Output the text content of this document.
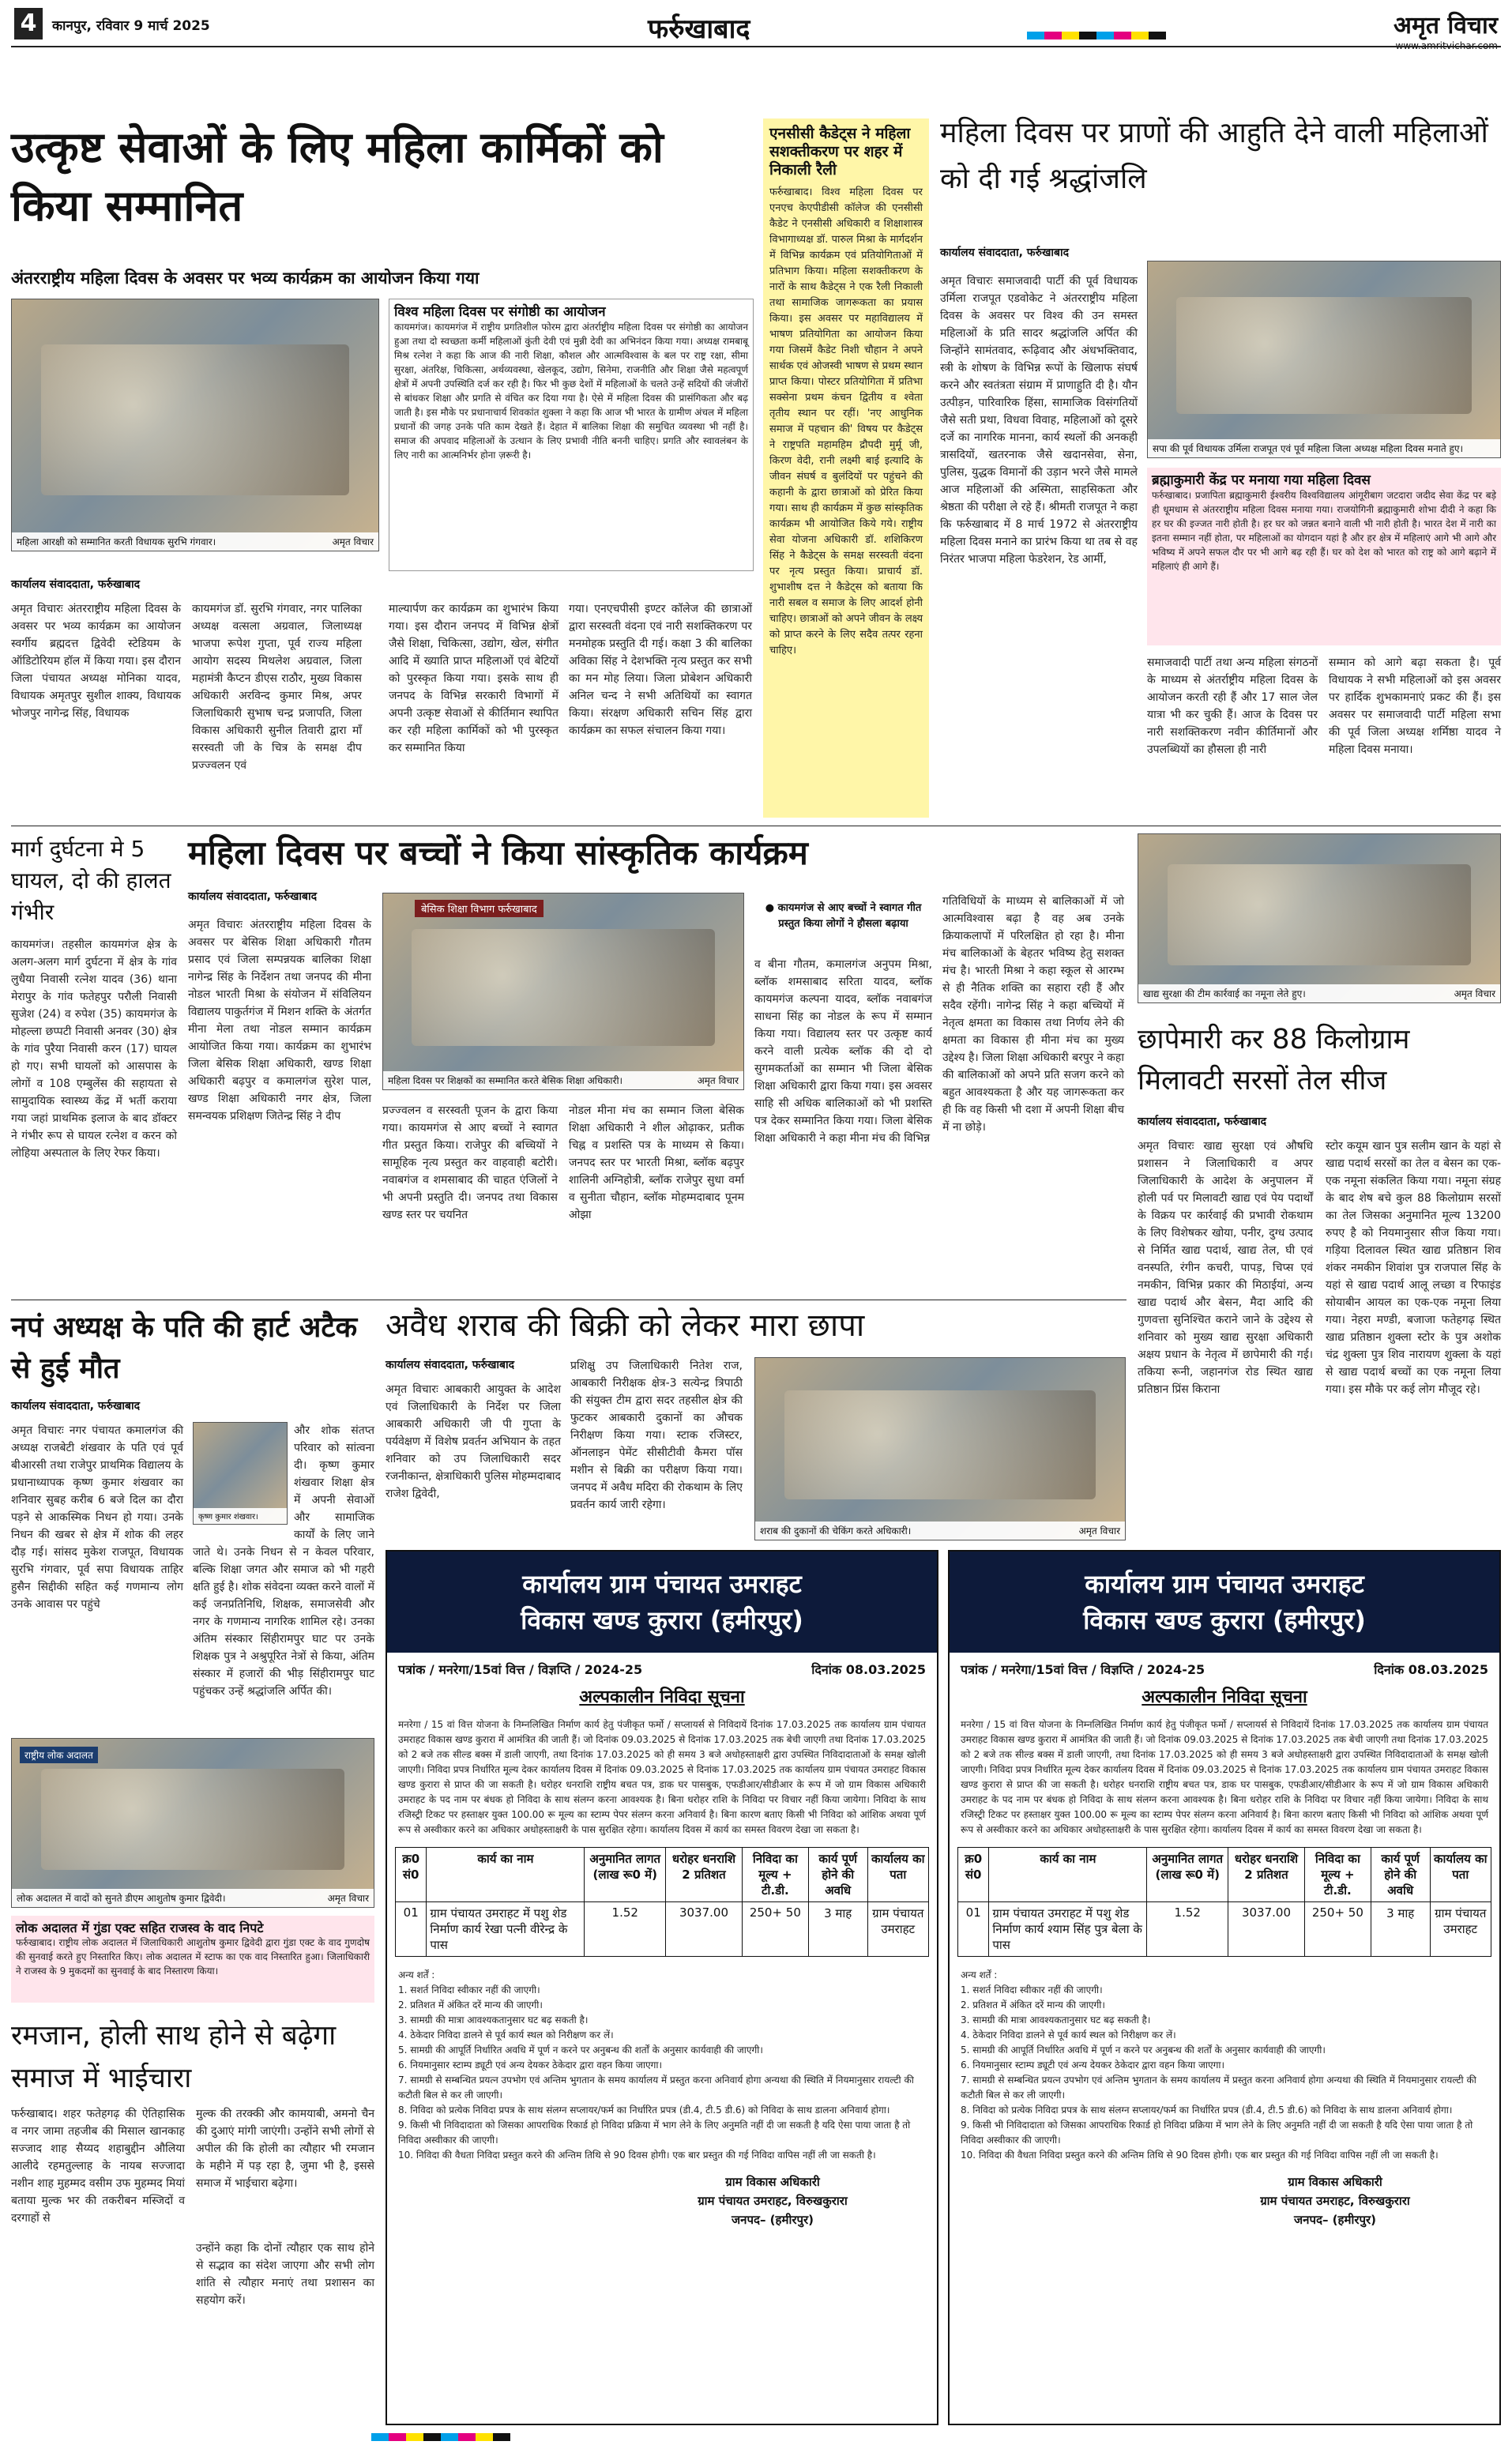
4	कानपुर, रविवार 9 मार्च 2025	फर्रुखाबाद	अमृत विचार
उत्कृष्ट सेवाओं के लिए महिला कार्मिकों को किया सम्मानित
अंतरराष्ट्रीय महिला दिवस के अवसर पर भव्य कार्यक्रम का आयोजन किया गया
महिला आरक्षी को सम्मानित करती विधायक सुरभि गंगवार।	अमृत विचार
विश्व महिला दिवस पर संगोष्ठी का आयोजन
कायमगंज। कायमगंज में राष्ट्रीय प्रगतिशील फोरम द्वारा अंतर्राष्ट्रीय महिला दिवस पर संगोष्ठी का आयोजन हुआ तथा दो स्वच्छता कर्मी महिलाओं कुंती देवी एवं मुन्नी देवी का अभिनंदन किया गया। अध्यक्ष रामबाबू मिश्र रत्नेश ने कहा कि आज की नारी शिक्षा, कौशल और आत्मविश्वास के बल पर राष्ट्र रक्षा, सीमा सुरक्षा, अंतरिक्ष, चिकित्सा, अर्थव्यवस्था, खेलकूद, उद्योग, सिनेमा, राजनीति और शिक्षा जैसे महत्वपूर्ण क्षेत्रों में अपनी उपस्थिति दर्ज कर रही है। फिर भी कुछ देशों में महिलाओं के चलते उन्हें सदियों की जंजीरों से बांधकर शिक्षा और प्रगति से वंचित कर दिया गया है। ऐसे में महिला दिवस की प्रासंगिकता और बढ़ जाती है। इस मौके पर प्रधानाचार्य शिवकांत शुक्ला ने कहा कि आज भी भारत के ग्रामीण अंचल में महिला प्रधानों की जगह उनके पति काम देखते हैं। देहात में बालिका शिक्षा की समुचित व्यवस्था भी नहीं है। समाज की अपवाद महिलाओं के उत्थान के लिए प्रभावी नीति बननी चाहिए। प्रगति और स्वावलंबन के लिए नारी का आत्मनिर्भर होना ज़रूरी है।
कार्यालय संवाददाता, फर्रुखाबाद
अमृत विचारः अंतरराष्ट्रीय महिला दिवस के अवसर पर भव्य कार्यक्रम का आयोजन स्वर्गीय ब्रह्मदत्त द्विवेदी स्टेडियम के ऑडिटोरियम हॉल में किया गया। इस दौरान जिला पंचायत अध्यक्ष मोनिका यादव, विधायक अमृतपुर सुशील शाक्य, विधायक भोजपुर नागेन्द्र सिंह, विधायक
कायमगंज डॉ. सुरभि गंगवार, नगर पालिका अध्यक्ष वत्सला अग्रवाल, जिलाध्यक्ष भाजपा रूपेश गुप्ता, पूर्व राज्य महिला आयोग सदस्य मिथलेश अग्रवाल, जिला महामंत्री कैप्टन डीएस राठौर, मुख्य विकास अधिकारी अरविन्द कुमार मिश्र, अपर जिलाधिकारी सुभाष चन्द्र प्रजापति, जिला विकास अधिकारी सुनील तिवारी द्वारा माँ सरस्वती जी के चित्र के समक्ष दीप प्रज्ज्वलन एवं
माल्यार्पण कर कार्यक्रम का शुभारंभ किया गया। इस दौरान जनपद में विभिन्न क्षेत्रों जैसे शिक्षा, चिकित्सा, उद्योग, खेल, संगीत आदि में ख्याति प्राप्त महिलाओं एवं बेटियों को पुरस्कृत किया गया। इसके साथ ही जनपद के विभिन्न सरकारी विभागों में अपनी उत्कृष्ट सेवाओं से कीर्तिमान स्थापित कर रही महिला कार्मिकों को भी पुरस्कृत कर सम्मानित किया
गया। एनएचपीसी इण्टर कॉलेज की छात्राओं द्वारा सरस्वती वंदना एवं नारी सशक्तिकरण पर मनमोहक प्रस्तुति दी गई। कक्षा 3 की बालिका अविका सिंह ने देशभक्ति नृत्य प्रस्तुत कर सभी का मन मोह लिया। जिला प्रोबेशन अधिकारी अनिल चन्द ने सभी अतिथियों का स्वागत किया। संरक्षण अधिकारी सचिन सिंह द्वारा कार्यक्रम का सफल संचालन किया गया।
एनसीसी कैडेट्स ने महिला सशक्तीकरण पर शहर में निकाली रैली
फर्रुखाबाद। विश्व महिला दिवस पर एनएच केएपीडीसी कॉलेज की एनसीसी कैडेट ने एनसीसी अधिकारी व शिक्षाशास्त्र विभागाध्यक्ष डॉ. पारुल मिश्रा के मार्गदर्शन में विभिन्न कार्यक्रम एवं प्रतियोगिताओं में प्रतिभाग किया। महिला सशक्तीकरण के नारों के साथ कैडेट्स ने एक रैली निकाली तथा सामाजिक जागरूकता का प्रयास किया। इस अवसर पर महाविद्यालय में भाषण प्रतियोगिता का आयोजन किया गया जिसमें कैडेट निशी चौहान ने अपने सार्थक एवं ओजस्वी भाषण से प्रथम स्थान प्राप्त किया। पोस्टर प्रतियोगिता में प्रतिभा सक्सेना प्रथम कंचन द्वितीय व श्वेता तृतीय स्थान पर रहीं। 'नए आधुनिक समाज में पहचान की' विषय पर कैडेट्स ने राष्ट्रपति महामहिम द्रौपदी मुर्मू जी, किरण वेदी, रानी लक्ष्मी बाई इत्यादि के जीवन संघर्ष व बुलंदियों पर पहुंचने की कहानी के द्वारा छात्राओं को प्रेरित किया गया। साथ ही कार्यक्रम में कुछ सांस्कृतिक कार्यक्रम भी आयोजित किये गये। राष्ट्रीय सेवा योजना अधिकारी डॉ. शशिकिरण सिंह ने कैडेट्स के समक्ष सरस्वती वंदना पर नृत्य प्रस्तुत किया। प्राचार्य डॉ. शुभाशीष दत्त ने कैडेट्स को बताया कि नारी सबल व समाज के लिए आदर्श होनी चाहिए। छात्राओं को अपने जीवन के लक्ष्य को प्राप्त करने के लिए सदैव तत्पर रहना चाहिए।
महिला दिवस पर प्राणों की आहुति देने वाली महिलाओं को दी गई श्रद्धांजलि
कार्यालय संवाददाता, फर्रुखाबाद
अमृत विचारः समाजवादी पार्टी की पूर्व विधायक उर्मिला राजपूत एडवोकेट ने अंतरराष्ट्रीय महिला दिवस के अवसर पर विश्व की उन समस्त महिलाओं के प्रति सादर श्रद्धांजलि अर्पित की जिन्होंने सामंतवाद, रूढ़िवाद और अंधभक्तिवाद, स्त्री के शोषण के विभिन्न रूपों के खिलाफ संघर्ष करने और स्वतंत्रता संग्राम में प्राणाहुति दी है। यौन उत्पीड़न, पारिवारिक हिंसा, सामाजिक विसंगतियों जैसे सती प्रथा, विधवा विवाह, महिलाओं को दूसरे दर्जे का नागरिक मानना, कार्य स्थलों की अनकही त्रासदियों, खतरनाक जैसे खदानसेवा, सेना, पुलिस, युद्धक विमानों की उड़ान भरने जैसे मामले आज महिलाओं की अस्मिता, साहसिकता और श्रेष्ठता की परीक्षा ले रहे हैं। श्रीमती राजपूत ने कहा कि फर्रुखाबाद में 8 मार्च 1972 से अंतरराष्ट्रीय महिला दिवस मनाने का प्रारंभ किया था तब से वह निरंतर भाजपा महिला फेडरेशन, रेड आर्मी,
सपा की पूर्व विधायक उर्मिला राजपूत एवं पूर्व महिला जिला अध्यक्ष महिला दिवस मनाते हुए।
ब्रह्माकुमारी केंद्र पर मनाया गया महिला दिवस
फर्रुखाबाद। प्रजापिता ब्रह्माकुमारी ईश्वरीय विश्वविद्यालय आंगूरीबाग जटदारा जदीद सेवा केंद्र पर बड़े ही धूमधाम से अंतरराष्ट्रीय महिला दिवस मनाया गया। राजयोगिनी ब्रह्माकुमारी शोभा दीदी ने कहा कि हर घर की इज्जत नारी होती है। हर घर को जन्नत बनाने वाली भी नारी होती है। भारत देश में नारी का इतना सम्मान नहीं होता, पर महिलाओं का योगदान यहां है और हर क्षेत्र में महिलाएं आगे भी आगे और भविष्य में अपने सफल दौर पर भी आगे बढ़ रही हैं। घर को देश को भारत को राष्ट्र को आगे बढ़ाने में महिलाएं ही आगे हैं।
समाजवादी पार्टी तथा अन्य महिला संगठनों के माध्यम से अंतर्राष्ट्रीय महिला दिवस के आयोजन करती रही हैं और 17 साल जेल यात्रा भी कर चुकी हैं। आज के दिवस पर नारी सशक्तिकरण नवीन कीर्तिमानों और उपलब्धियों का हौसला ही नारी
सम्मान को आगे बढ़ा सकता है। पूर्व विधायक ने सभी महिलाओं को इस अवसर पर हार्दिक शुभकामनाएं प्रकट की हैं। इस अवसर पर समाजवादी पार्टी महिला सभा की पूर्व जिला अध्यक्ष शर्मिष्ठा यादव ने महिला दिवस मनाया।
मार्ग दुर्घटना मे 5 घायल, दो की हालत गंभीर
कायमगंज। तहसील कायमगंज क्षेत्र के अलग-अलग मार्ग दुर्घटना में क्षेत्र के गांव लुधैया निवासी रत्नेश यादव (36) थाना मेरापुर के गांव फतेहपुर परौली निवासी सुजेश (24) व रुपेश (35) कायमगंज के मोहल्ला छप्पटी निवासी अनवर (30) क्षेत्र के गांव पुरैया निवासी करन (17) घायल हो गए। सभी घायलों को आसपास के लोगों व 108 एम्बुलेंस की सहायता से सामुदायिक स्वास्थ्य केंद्र में भर्ती कराया गया जहां प्राथमिक इलाज के बाद डॉक्टर ने गंभीर रूप से घायल रत्नेश व करन को लोहिया अस्पताल के लिए रेफर किया।
महिला दिवस पर बच्चों ने किया सांस्कृतिक कार्यक्रम
कार्यालय संवाददाता, फर्रुखाबाद
अमृत विचारः अंतरराष्ट्रीय महिला दिवस के अवसर पर बेसिक शिक्षा अधिकारी गौतम प्रसाद एवं जिला सम्पन्नयक बालिका शिक्षा नागेन्द्र सिंह के निर्देशन तथा जनपद की मीना नोडल भारती मिश्रा के संयोजन में संविलियन विद्यालय पाकुर्तगंज में मिशन शक्ति के अंतर्गत मीना मेला तथा नोडल सम्मान कार्यक्रम आयोजित किया गया। कार्यक्रम का शुभारंभ जिला बेसिक शिक्षा अधिकारी, खण्ड शिक्षा अधिकारी बढ़पुर व कमालगंज सुरेश पाल, खण्ड शिक्षा अधिकारी नगर क्षेत्र, जिला समन्वयक प्रशिक्षण जितेन्द्र सिंह ने दीप
बेसिक शिक्षा विभाग फर्रुखाबाद
महिला दिवस पर शिक्षकों का सम्मानित करते बेसिक शिक्षा अधिकारी।	अमृत विचार
प्रज्ज्वलन व सरस्वती पूजन के द्वारा किया गया। कायमगंज से आए बच्चों ने स्वागत गीत प्रस्तुत किया। राजेपुर की बच्चियों ने सामूहिक नृत्य प्रस्तुत कर वाहवाही बटोरी। नवाबगंज व शमसाबाद की चाहत एंजिलों ने भी अपनी प्रस्तुति दी। जनपद तथा विकास खण्ड स्तर पर चयनित
नोडल मीना मंच का सम्मान जिला बेसिक शिक्षा अधिकारी ने शील ओढ़ाकर, प्रतीक चिह्न व प्रशस्ति पत्र के माध्यम से किया। जनपद स्तर पर भारती मिश्रा, ब्लॉक बढ़पुर शालिनी अग्निहोत्री, ब्लॉक राजेपुर सुधा वर्मा व सुनीता चौहान, ब्लॉक मोहम्मदाबाद पूनम ओझा
● कायमगंज से आए बच्चों ने स्वागत गीत प्रस्तुत किया लोगों ने हौसला बढ़ाया
व बीना गौतम, कमालगंज अनुपम मिश्रा, ब्लॉक शमसाबाद सरिता यादव, ब्लॉक कायमगंज कल्पना यादव, ब्लॉक नवाबगंज साधना सिंह का नोडल के रूप में सम्मान किया गया। विद्यालय स्तर पर उत्कृष्ट कार्य करने वाली प्रत्येक ब्लॉक की दो दो सुगमकर्ताओं का सम्मान भी जिला बेसिक शिक्षा अधिकारी द्वारा किया गया। इस अवसर साहि सी अधिक बालिकाओं को भी प्रशस्ति पत्र देकर सम्मानित किया गया। जिला बेसिक शिक्षा अधिकारी ने कहा मीना मंच की विभिन्न
गतिविधियों के माध्यम से बालिकाओं में जो आत्मविश्वास बढ़ा है वह अब उनके क्रियाकलापों में परिलक्षित हो रहा है। मीना मंच बालिकाओं के बेहतर भविष्य हेतु सशक्त मंच है। भारती मिश्रा ने कहा स्कूल से आरम्भ से ही नैतिक शक्ति का सहारा रही हैं और सदैव रहेंगी। नागेन्द्र सिंह ने कहा बच्चियों में नेतृत्व क्षमता का विकास तथा निर्णय लेने की क्षमता का विकास ही मीना मंच का मुख्य उद्देश्य है। जिला शिक्षा अधिकारी बरपुर ने कहा की बालिकाओं को अपने प्रति सजग करने को बहुत आवश्यकता है और यह जागरूकता कर ही कि वह किसी भी दशा में अपनी शिक्षा बीच में ना छोड़े।
खाद्य सुरक्षा की टीम कार्रवाई का नमूना लेते हुए।	अमृत विचार
छापेमारी कर 88 किलोग्राम मिलावटी सरसों तेल सीज
कार्यालय संवाददाता, फर्रुखाबाद
अमृत विचारः खाद्य सुरक्षा एवं औषधि प्रशासन ने जिलाधिकारी व अपर जिलाधिकारी के आदेश के अनुपालन में होली पर्व पर मिलावटी खाद्य एवं पेय पदार्थों के विक्रय पर कार्रवाई की प्रभावी रोकथाम के लिए विशेषकर खोया, पनीर, दुग्ध उत्पाद से निर्मित खाद्य पदार्थ, खाद्य तेल, घी एवं वनस्पति, रंगीन कचरी, पापड़, चिप्स एवं नमकीन, विभिन्न प्रकार की मिठाईयां, अन्य खाद्य पदार्थ और बेसन, मैदा आदि की गुणवत्ता सुनिश्चित कराने जाने के उद्देश्य से शनिवार को मुख्य खाद्य सुरक्षा अधिकारी अक्षय प्रधान के नेतृत्व में छापेमारी की गई। तकिया रूनी, जहानगंज रोड स्थित खाद्य प्रतिष्ठान प्रिंस किराना
स्टोर कयूम खान पुत्र सलीम खान के यहां से खाद्य पदार्थ सरसों का तेल व बेसन का एक-एक नमूना संकलित किया गया। नमूना संग्रह के बाद शेष बचे कुल 88 किलोग्राम सरसों का तेल जिसका अनुमानित मूल्य 13200 रुपए है को नियमानुसार सीज किया गया। गड़िया दिलावल स्थित खाद्य प्रतिष्ठान शिव शंकर नमकीन शिवांश पुत्र राजपाल सिंह के यहां से खाद्य पदार्थ आलू लच्छा व रिफाइंड सोयाबीन आयल का एक-एक नमूना लिया गया। नेहरा मण्डी, बजाजा फतेहगढ़ स्थित खाद्य प्रतिष्ठान शुक्ला स्टोर के पुत्र अशोक चंद्र शुक्ला पुत्र शिव नारायण शुक्ला के यहां से खाद्य पदार्थ बच्चों का एक नमूना लिया गया। इस मौके पर कई लोग मौजूद रहे।
नपं अध्यक्ष के पति की हार्ट अटैक से हुई मौत
कार्यालय संवाददाता, फर्रुखाबाद
अमृत विचारः नगर पंचायत कमालगंज की अध्यक्ष राजबेटी शंखवार के पति एवं पूर्व बीआरसी तथा राजेपुर प्राथमिक विद्यालय के प्रधानाध्यापक कृष्ण कुमार शंखवार का शनिवार सुबह करीब 6 बजे दिल का दौरा पड़ने से आकस्मिक निधन हो गया। उनके निधन की खबर से क्षेत्र में शोक की लहर दौड़ गई। सांसद मुकेश राजपूत, विधायक सुरभि गंगवार, पूर्व सपा विधायक ताहिर हुसैन सिद्दीकी सहित कई गणमान्य लोग उनके आवास पर पहुंचे
कृष्ण कुमार शंखवार।
और शोक संतप्त परिवार को सांत्वना दी। कृष्ण कुमार शंखवार शिक्षा क्षेत्र में अपनी सेवाओं और सामाजिक कार्यों के लिए जाने जाते थे। उनके निधन से न केवल परिवार, बल्कि शिक्षा जगत और समाज को भी गहरी क्षति हुई है। शोक संवेदना व्यक्त करने वालों में कई जनप्रतिनिधि, शिक्षक, समाजसेवी और नगर के गणमान्य नागरिक शामिल रहे। उनका अंतिम संस्कार सिंहीरामपुर घाट पर उनके शिक्षक पुत्र ने अश्रुपूरित नेत्रों से किया, अंतिम संस्कार में हजारों की भीड़ सिंहीरामपुर घाट पहुंचकर उन्हें श्रद्धांजलि अर्पित की।
राष्ट्रीय लोक अदालत
लोक अदालत में वादों को सुनते डीएम आशुतोष कुमार द्विवेदी।	अमृत विचार
लोक अदालत में गुंडा एक्ट सहित राजस्व के वाद निपटे
फर्रुखाबाद। राष्ट्रीय लोक अदालत में जिलाधिकारी आशुतोष कुमार द्विवेदी द्वारा गुंडा एक्ट के वाद गुणदोष की सुनवाई करते हुए निस्तारित किए। लोक अदालत में स्टाफ का एक वाद निस्तारित हुआ। जिलाधिकारी ने राजस्व के 9 मुकदमों का सुनवाई के बाद निस्तारण किया।
रमजान, होली साथ होने से बढ़ेगा समाज में भाईचारा
फर्रुखाबाद। शहर फतेहगढ़ की ऐतिहासिक व नगर जामा तहजीब की मिसाल खानकाह सज्जाद शाह सैय्यद शहाबुद्दीन औलिया आलीदे रहमतुल्लाह के नायब सज्जादा नशीन शाह मुहम्मद वसीम उफ मुहम्मद मियां बताया मुल्क भर की तकरीबन मस्जिदों व दरगाहों से
मुल्क की तरक्की और कामयाबी, अमनो चैन की दुआएं मांगी जाएंगी। उन्होंने सभी लोगों से अपील की कि होली का त्यौहार भी रमजान के महीने में पड़ रहा है, जुमा भी है, इससे समाज में भाईचारा बढ़ेगा।
उन्होंने कहा कि दोनों त्यौहार एक साथ होने से सद्भाव का संदेश जाएगा और सभी लोग शांति से त्यौहार मनाएं तथा प्रशासन का सहयोग करें।
अवैध शराब की बिक्री को लेकर मारा छापा
कार्यालय संवाददाता, फर्रुखाबाद
अमृत विचारः आबकारी आयुक्त के आदेश एवं जिलाधिकारी के निर्देश पर जिला आबकारी अधिकारी जी पी गुप्ता के पर्यवेक्षण में विशेष प्रवर्तन अभियान के तहत शनिवार को उप जिलाधिकारी सदर रजनीकान्त, क्षेत्राधिकारी पुलिस मोहम्मदाबाद राजेश द्विवेदी,
प्रशिक्षु उप जिलाधिकारी नितेश राज, आबकारी निरीक्षक क्षेत्र-3 सत्येन्द्र त्रिपाठी की संयुक्त टीम द्वारा सदर तहसील क्षेत्र की फुटकर आबकारी दुकानों का औचक निरीक्षण किया गया। स्टाक रजिस्टर, ऑनलाइन पेमेंट सीसीटीवी कैमरा पॉस मशीन से बिक्री का परीक्षण किया गया। जनपद में अवैध मदिरा की रोकथाम के लिए प्रवर्तन कार्य जारी रहेगा।
शराब की दुकानों की चेकिंग करते अधिकारी।	अमृत विचार
कार्यालय ग्राम पंचायत उमराहट
विकास खण्ड कुरारा (हमीरपुर)
पत्रांक / मनरेगा/15वां वित्त / विज्ञप्ति / 2024-25	दिनांक 08.03.2025
अल्पकालीन निविदा सूचना
मनरेगा / 15 वां वित्त योजना के निम्नलिखित निर्माण कार्य हेतु पंजीकृत फर्मो / सप्लायर्स से निविदायें दिनांक 17.03.2025 तक कार्यालय ग्राम पंचायत उमराहट विकास खण्ड कुरारा में आमंत्रित की जाती हैं। जो दिनांक 09.03.2025 से दिनांक 17.03.2025 तक बेची जाएगी तथा दिनांक 17.03.2025 को 2 बजे तक सील्ड बक्स में डाली जाएगी, तथा दिनांक 17.03.2025 को ही समय 3 बजे अधोहस्ताक्षरी द्वारा उपस्थित निविदादाताओं के समक्ष खोली जाएगी। निविदा प्रपत्र निर्धारित मूल्य देकर कार्यालय दिवस में दिनांक 09.03.2025 से दिनांक 17.03.2025 तक कार्यालय ग्राम पंचायत उमराहट विकास खण्ड कुरारा से प्राप्त की जा सकती है। धरोहर धनराशि राष्ट्रीय बचत पत्र, डाक घर पासबुक, एफडीआर/सीडीआर के रूप में जो ग्राम विकास अधिकारी उमराहट के पद नाम पर बंधक हो निविदा के साथ संलग्न करना आवश्यक है। बिना धरोहर राशि के निविदा पर विचार नहीं किया जायेगा। निविदा के साथ रजिस्ट्री टिकट पर हस्ताक्षर युक्त 100.00 रू मूल्य का स्टाम्प पेपर संलग्न करना अनिवार्य है। बिना कारण बताए किसी भी निविदा को आंशिक अथवा पूर्ण रूप से अस्वीकार करने का अधिकार अधोहस्ताक्षरी के पास सुरक्षित रहेगा। कार्यालय दिवस में कार्य का समस्त विवरण देखा जा सकता है।
क्र0 सं0	कार्य का नाम	अनुमानित लागत (लाख रू0 में)	धरोहर धनराशि 2 प्रतिशत	निविदा का मूल्य + टी.डी.	कार्य पूर्ण होने की अवधि	कार्यालय का पता
01	ग्राम पंचायत उमराहट में पशु शेड निर्माण कार्य रेखा पत्नी वीरेन्द्र के पास	1.52	3037.00	250+ 50	3 माह	ग्राम पंचायत उमराहट
अन्य शर्तें :
1. सशर्त निविदा स्वीकार नहीं की जाएगी।
2. प्रतिशत में अंकित दरें मान्य की जाएगी।
3. सामग्री की मात्रा आवश्यकतानुसार घट बढ़ सकती है।
4. ठेकेदार निविदा डालने से पूर्व कार्य स्थल को निरीक्षण कर लें।
5. सामग्री की आपूर्ति निर्धारित अवधि में पूर्ण न करने पर अनुबन्ध की शर्तों के अनुसार कार्यवाही की जाएगी।
6. नियमानुसार स्टाम्प ड्यूटी एवं अन्य देयकर ठेकेदार द्वारा वहन किया जाएगा।
7. सामग्री से सम्बन्धित प्रयत्न उपभोग एवं अन्तिम भुगतान के समय कार्यालय में प्रस्तुत करना अनिवार्य होगा अन्यथा की स्थिति में नियमानुसार रायल्टी की कटौती बिल से कर ली जाएगी।
8. निविदा को प्रत्येक निविदा प्रपत्र के साथ संलग्न सप्लायर/फर्म का निर्धारित प्रपत्र (डी.4, टी.5 डी.6) को निविदा के साथ डालना अनिवार्य होगा।
9. किसी भी निविदादाता को जिसका आपराधिक रिकार्ड हो निविदा प्रक्रिया में भाग लेने के लिए अनुमति नहीं दी जा सकती है यदि ऐसा पाया जाता है तो निविदा अस्वीकार की जाएगी।
10. निविदा की वैधता निविदा प्रस्तुत करने की अन्तिम तिथि से 90 दिवस होगी। एक बार प्रस्तुत की गई निविदा वापिस नहीं ली जा सकती है।
ग्राम विकास अधिकारी
ग्राम पंचायत उमराहट, विरुखकुरारा
जनपद– (हमीरपुर)
कार्यालय ग्राम पंचायत उमराहट
विकास खण्ड कुरारा (हमीरपुर)
पत्रांक / मनरेगा/15वां वित्त / विज्ञप्ति / 2024-25	दिनांक 08.03.2025
अल्पकालीन निविदा सूचना
मनरेगा / 15 वां वित्त योजना के निम्नलिखित निर्माण कार्य हेतु पंजीकृत फर्मो / सप्लायर्स से निविदायें दिनांक 17.03.2025 तक कार्यालय ग्राम पंचायत उमराहट विकास खण्ड कुरारा में आमंत्रित की जाती हैं। जो दिनांक 09.03.2025 से दिनांक 17.03.2025 तक बेची जाएगी तथा दिनांक 17.03.2025 को 2 बजे तक सील्ड बक्स में डाली जाएगी, तथा दिनांक 17.03.2025 को ही समय 3 बजे अधोहस्ताक्षरी द्वारा उपस्थित निविदादाताओं के समक्ष खोली जाएगी। निविदा प्रपत्र निर्धारित मूल्य देकर कार्यालय दिवस में दिनांक 09.03.2025 से दिनांक 17.03.2025 तक कार्यालय ग्राम पंचायत उमराहट विकास खण्ड कुरारा से प्राप्त की जा सकती है। धरोहर धनराशि राष्ट्रीय बचत पत्र, डाक घर पासबुक, एफडीआर/सीडीआर के रूप में जो ग्राम विकास अधिकारी उमराहट के पद नाम पर बंधक हो निविदा के साथ संलग्न करना आवश्यक है। बिना धरोहर राशि के निविदा पर विचार नहीं किया जायेगा। निविदा के साथ रजिस्ट्री टिकट पर हस्ताक्षर युक्त 100.00 रू मूल्य का स्टाम्प पेपर संलग्न करना अनिवार्य है। बिना कारण बताए किसी भी निविदा को आंशिक अथवा पूर्ण रूप से अस्वीकार करने का अधिकार अधोहस्ताक्षरी के पास सुरक्षित रहेगा। कार्यालय दिवस में कार्य का समस्त विवरण देखा जा सकता है।
क्र0 सं0	कार्य का नाम	अनुमानित लागत (लाख रू0 में)	धरोहर धनराशि 2 प्रतिशत	निविदा का मूल्य + टी.डी.	कार्य पूर्ण होने की अवधि	कार्यालय का पता
01	ग्राम पंचायत उमराहट में पशु शेड निर्माण कार्य श्याम सिंह पुत्र बेला के पास	1.52	3037.00	250+ 50	3 माह	ग्राम पंचायत उमराहट
अन्य शर्तें :
1. सशर्त निविदा स्वीकार नहीं की जाएगी।
2. प्रतिशत में अंकित दरें मान्य की जाएगी।
3. सामग्री की मात्रा आवश्यकतानुसार घट बढ़ सकती है।
4. ठेकेदार निविदा डालने से पूर्व कार्य स्थल को निरीक्षण कर लें।
5. सामग्री की आपूर्ति निर्धारित अवधि में पूर्ण न करने पर अनुबन्ध की शर्तों के अनुसार कार्यवाही की जाएगी।
6. नियमानुसार स्टाम्प ड्यूटी एवं अन्य देयकर ठेकेदार द्वारा वहन किया जाएगा।
7. सामग्री से सम्बन्धित प्रयत्न उपभोग एवं अन्तिम भुगतान के समय कार्यालय में प्रस्तुत करना अनिवार्य होगा अन्यथा की स्थिति में नियमानुसार रायल्टी की कटौती बिल से कर ली जाएगी।
8. निविदा को प्रत्येक निविदा प्रपत्र के साथ संलग्न सप्लायर/फर्म का निर्धारित प्रपत्र (डी.4, टी.5 डी.6) को निविदा के साथ डालना अनिवार्य होगा।
9. किसी भी निविदादाता को जिसका आपराधिक रिकार्ड हो निविदा प्रक्रिया में भाग लेने के लिए अनुमति नहीं दी जा सकती है यदि ऐसा पाया जाता है तो निविदा अस्वीकार की जाएगी।
10. निविदा की वैधता निविदा प्रस्तुत करने की अन्तिम तिथि से 90 दिवस होगी। एक बार प्रस्तुत की गई निविदा वापिस नहीं ली जा सकती है।
ग्राम विकास अधिकारी
ग्राम पंचायत उमराहट, विरुखकुरारा
जनपद– (हमीरपुर)
